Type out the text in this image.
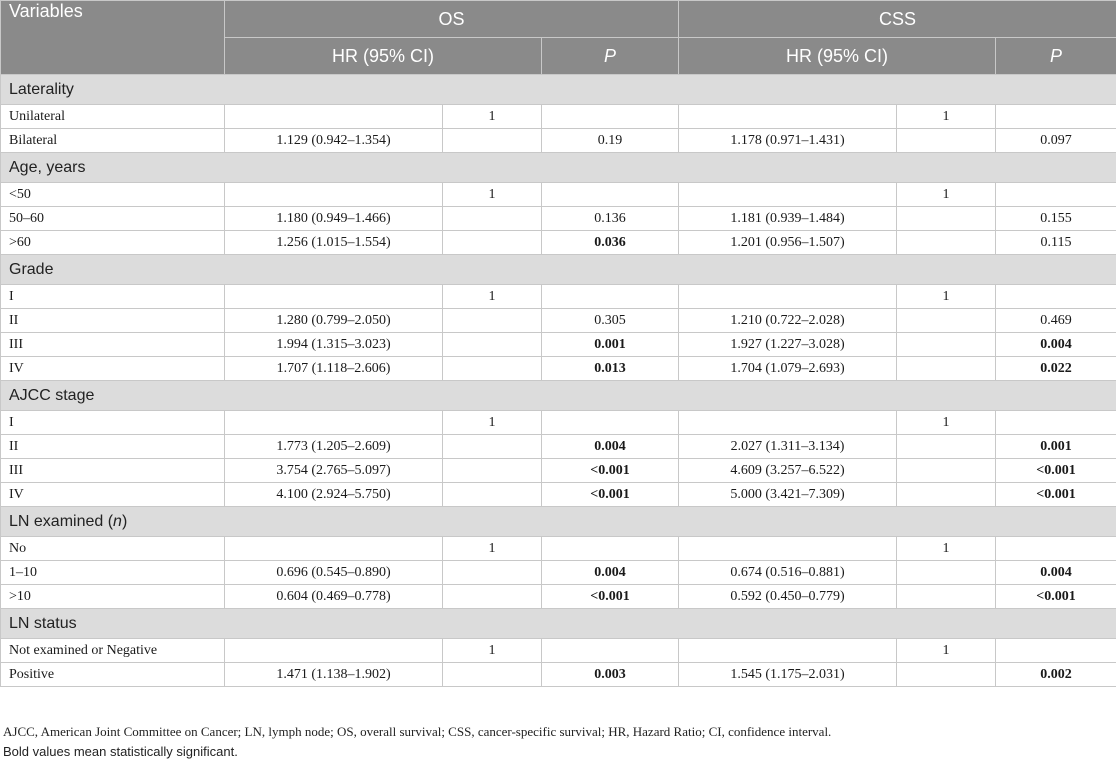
Variables	OS			CSS		
	HR (95% CI)		P	HR (95% CI)		P
Laterality						
Unilateral		1			1	
Bilateral	1.129 (0.942–1.354)		0.19	1.178 (0.971–1.431)		0.097
Age, years						
<50		1			1	
50–60	1.180 (0.949–1.466)		0.136	1.181 (0.939–1.484)		0.155
>60	1.256 (1.015–1.554)		0.036	1.201 (0.956–1.507)		0.115
Grade						
I		1			1	
II	1.280 (0.799–2.050)		0.305	1.210 (0.722–2.028)		0.469
III	1.994 (1.315–3.023)		0.001	1.927 (1.227–3.028)		0.004
IV	1.707 (1.118–2.606)		0.013	1.704 (1.079–2.693)		0.022
AJCC stage						
I		1			1	
II	1.773 (1.205–2.609)		0.004	2.027 (1.311–3.134)		0.001
III	3.754 (2.765–5.097)		<0.001	4.609 (3.257–6.522)		<0.001
IV	4.100 (2.924–5.750)		<0.001	5.000 (3.421–7.309)		<0.001
LN examined (n)						
No		1			1	
1–10	0.696 (0.545–0.890)		0.004	0.674 (0.516–0.881)		0.004
>10	0.604 (0.469–0.778)		<0.001	0.592 (0.450–0.779)		<0.001
LN status						
Not examined or Negative		1			1	
Positive	1.471 (1.138–1.902)		0.003	1.545 (1.175–2.031)		0.002
AJCC, American Joint Committee on Cancer; LN, lymph node; OS, overall survival; CSS, cancer-specific survival; HR, Hazard Ratio; CI, confidence interval.
Bold values mean statistically significant.
